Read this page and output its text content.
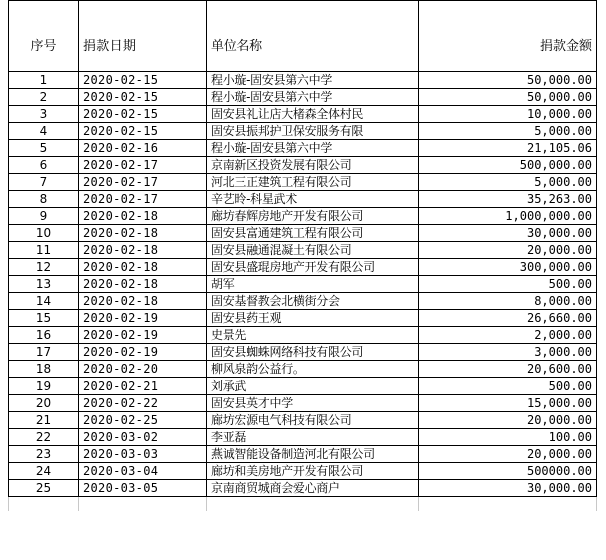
序号	捐款日期	单位名称	捐款金额
1	2020-02-15	程小璇-固安县第六中学	50,000.00
2	2020-02-15	程小璇-固安县第六中学	50,000.00
3	2020-02-15	固安县礼让店大楮森全体村民	10,000.00
4	2020-02-15	固安县振邦护卫保安服务有限	5,000.00
5	2020-02-16	程小璇-固安县第六中学	21,105.06
6	2020-02-17	京南新区投资发展有限公司	500,000.00
7	2020-02-17	河北三正建筑工程有限公司	5,000.00
8	2020-02-17	辛艺昤-科星武术	35,263.00
9	2020-02-18	廊坊春辉房地产开发有限公司	1,000,000.00
10	2020-02-18	固安县富通建筑工程有限公司	30,000.00
11	2020-02-18	固安县融通混凝土有限公司	20,000.00
12	2020-02-18	固安县盛琨房地产开发有限公司	300,000.00
13	2020-02-18	胡军	500.00
14	2020-02-18	固安基督教会北横街分会	8,000.00
15	2020-02-19	固安县药王观	26,660.00
16	2020-02-19	史景先	2,000.00
17	2020-02-19	固安县蜘蛛网络科技有限公司	3,000.00
18	2020-02-20	柳风泉韵公益行。	20,600.00
19	2020-02-21	刘承武	500.00
20	2020-02-22	固安县英才中学	15,000.00
21	2020-02-25	廊坊宏源电气科技有限公司	20,000.00
22	2020-03-02	李亚磊	100.00
23	2020-03-03	燕诚智能设备制造河北有限公司	20,000.00
24	2020-03-04	廊坊和美房地产开发有限公司	500000.00
25	2020-03-05	京南商贸城商会爱心商户	30,000.00
